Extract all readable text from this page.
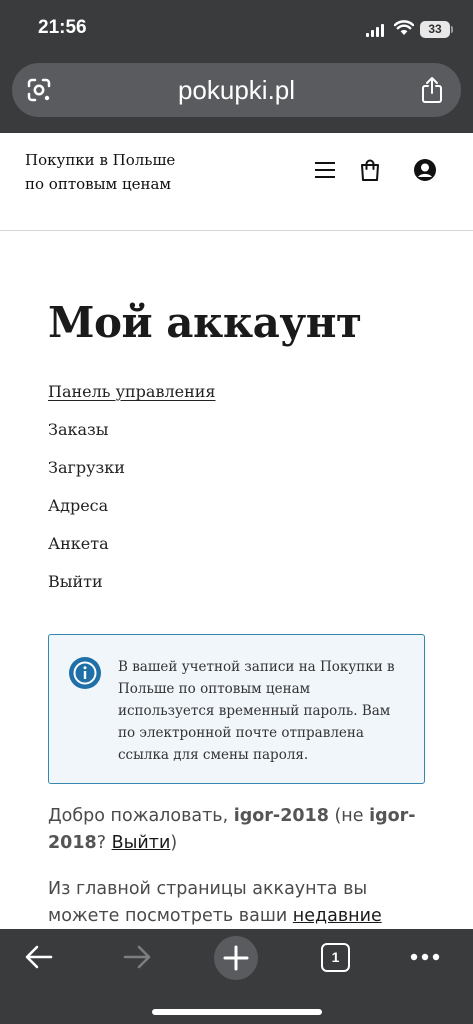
21:56	33
pokupki.pl
Покупки в Польше по оптовым ценам
Мой аккаунт
Панель управления
Заказы
Загрузки
Адреса
Анкета
Выйти

В вашей учетной записи на Покупки в Польше по оптовым ценам используется временный пароль. Вам по электронной почте отправлена ссылка для смены пароля.

Добро пожаловать, igor-2018 (не igor-2018? Выйти)

Из главной страницы аккаунта вы
можете посмотреть ваши недавние

1
